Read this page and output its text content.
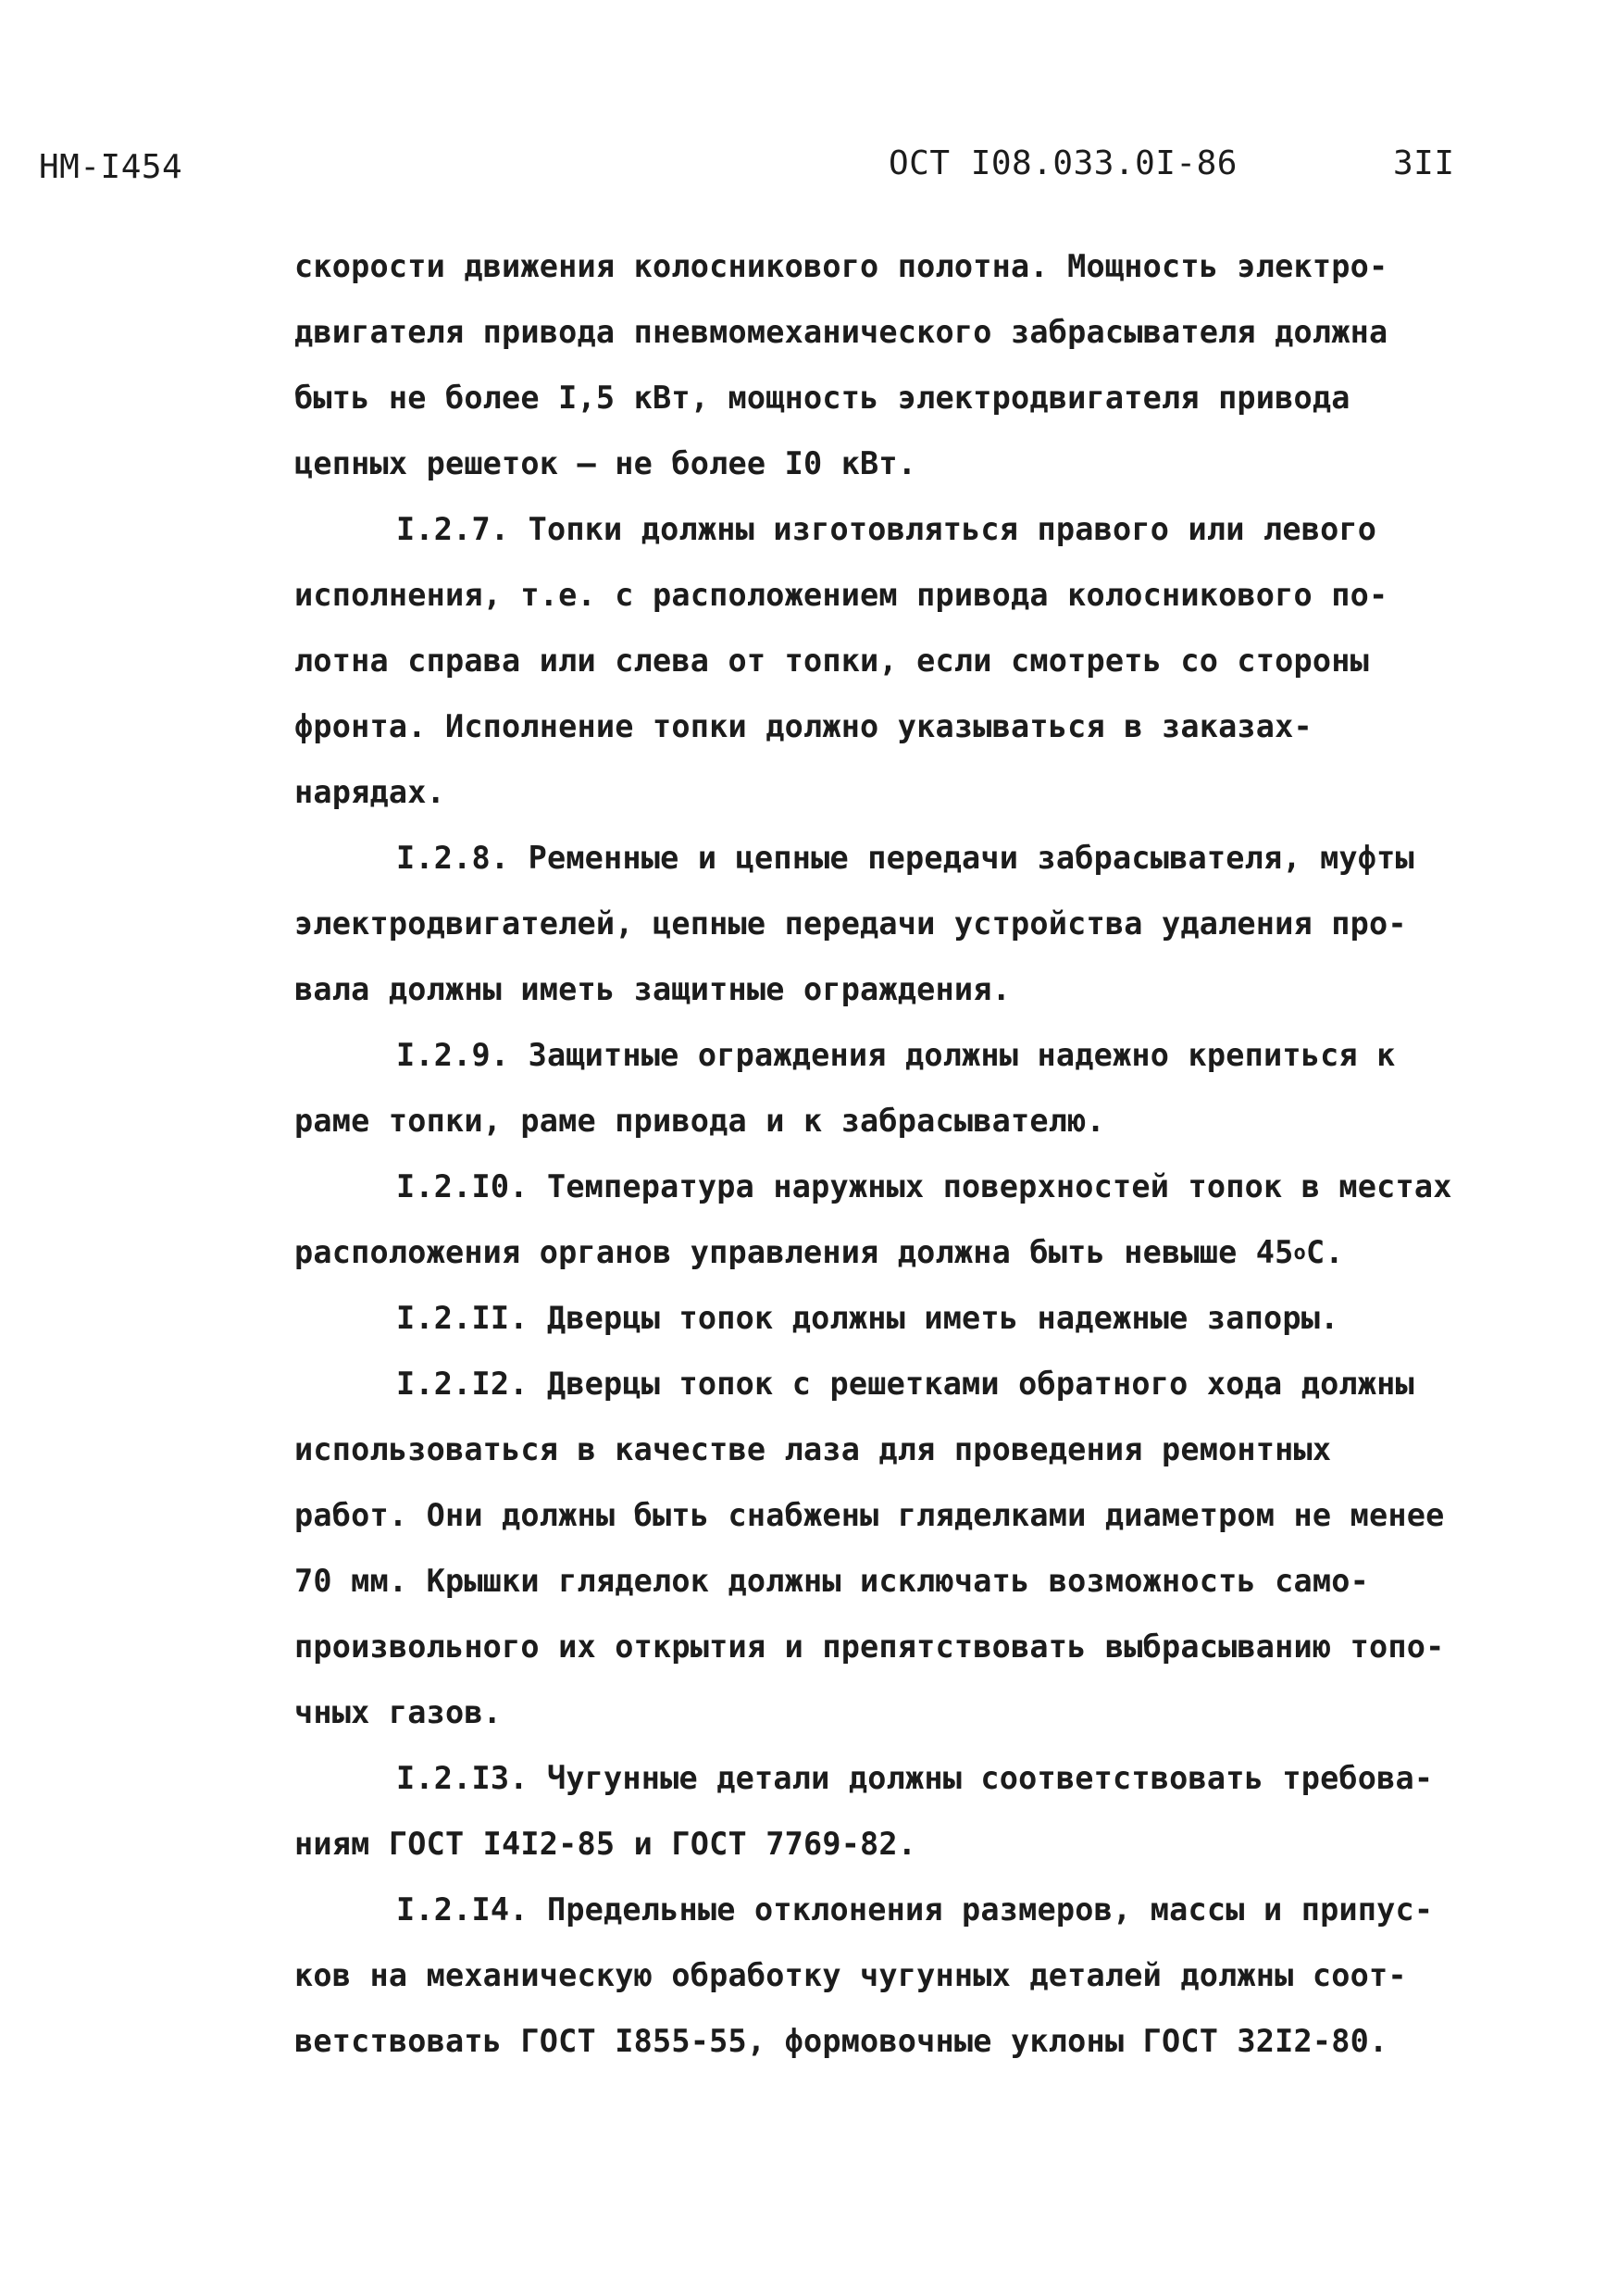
НМ-I454	ОСТ I08.033.0I-86	3II
скорости движения колосникового полотна. Мощность электро-
двигателя привода пневмомеханического забрасывателя должна
быть не более I,5 кВт, мощность электродвигателя привода
цепных решеток – не более I0 кВт.
I.2.7. Топки должны изготовляться правого или левого
исполнения, т.е. с расположением привода колосникового по-
лотна справа или слева от топки, если смотреть со стороны
фронта. Исполнение топки должно указываться в заказах-
нарядах.
I.2.8. Ременные и цепные передачи забрасывателя, муфты
электродвигателей, цепные передачи устройства удаления про-
вала должны иметь защитные ограждения.
I.2.9. Защитные ограждения должны надежно крепиться к
раме топки, раме привода и к забрасывателю.
I.2.I0. Температура наружных поверхностей топок в местах
расположения органов управления должна быть невыше $45^оС$.
I.2.II. Дверцы топок должны иметь надежные запоры.
I.2.I2. Дверцы топок с решетками обратного хода должны
использоваться в качестве лаза для проведения ремонтных
работ. Они должны быть снабжены гляделками диаметром не менее
70 мм. Крышки гляделок должны исключать возможность само-
произвольного их открытия и препятствовать выбрасыванию топо-
чных газов.
I.2.I3. Чугунные детали должны соответствовать требова-
ниям ГОСТ I4I2-85 и ГОСТ 7769-82.
I.2.I4. Предельные отклонения размеров, массы и припус-
ков на механическую обработку чугунных деталей должны соот-
ветствовать ГОСТ I855-55, формовочные уклоны ГОСТ 32I2-80.
